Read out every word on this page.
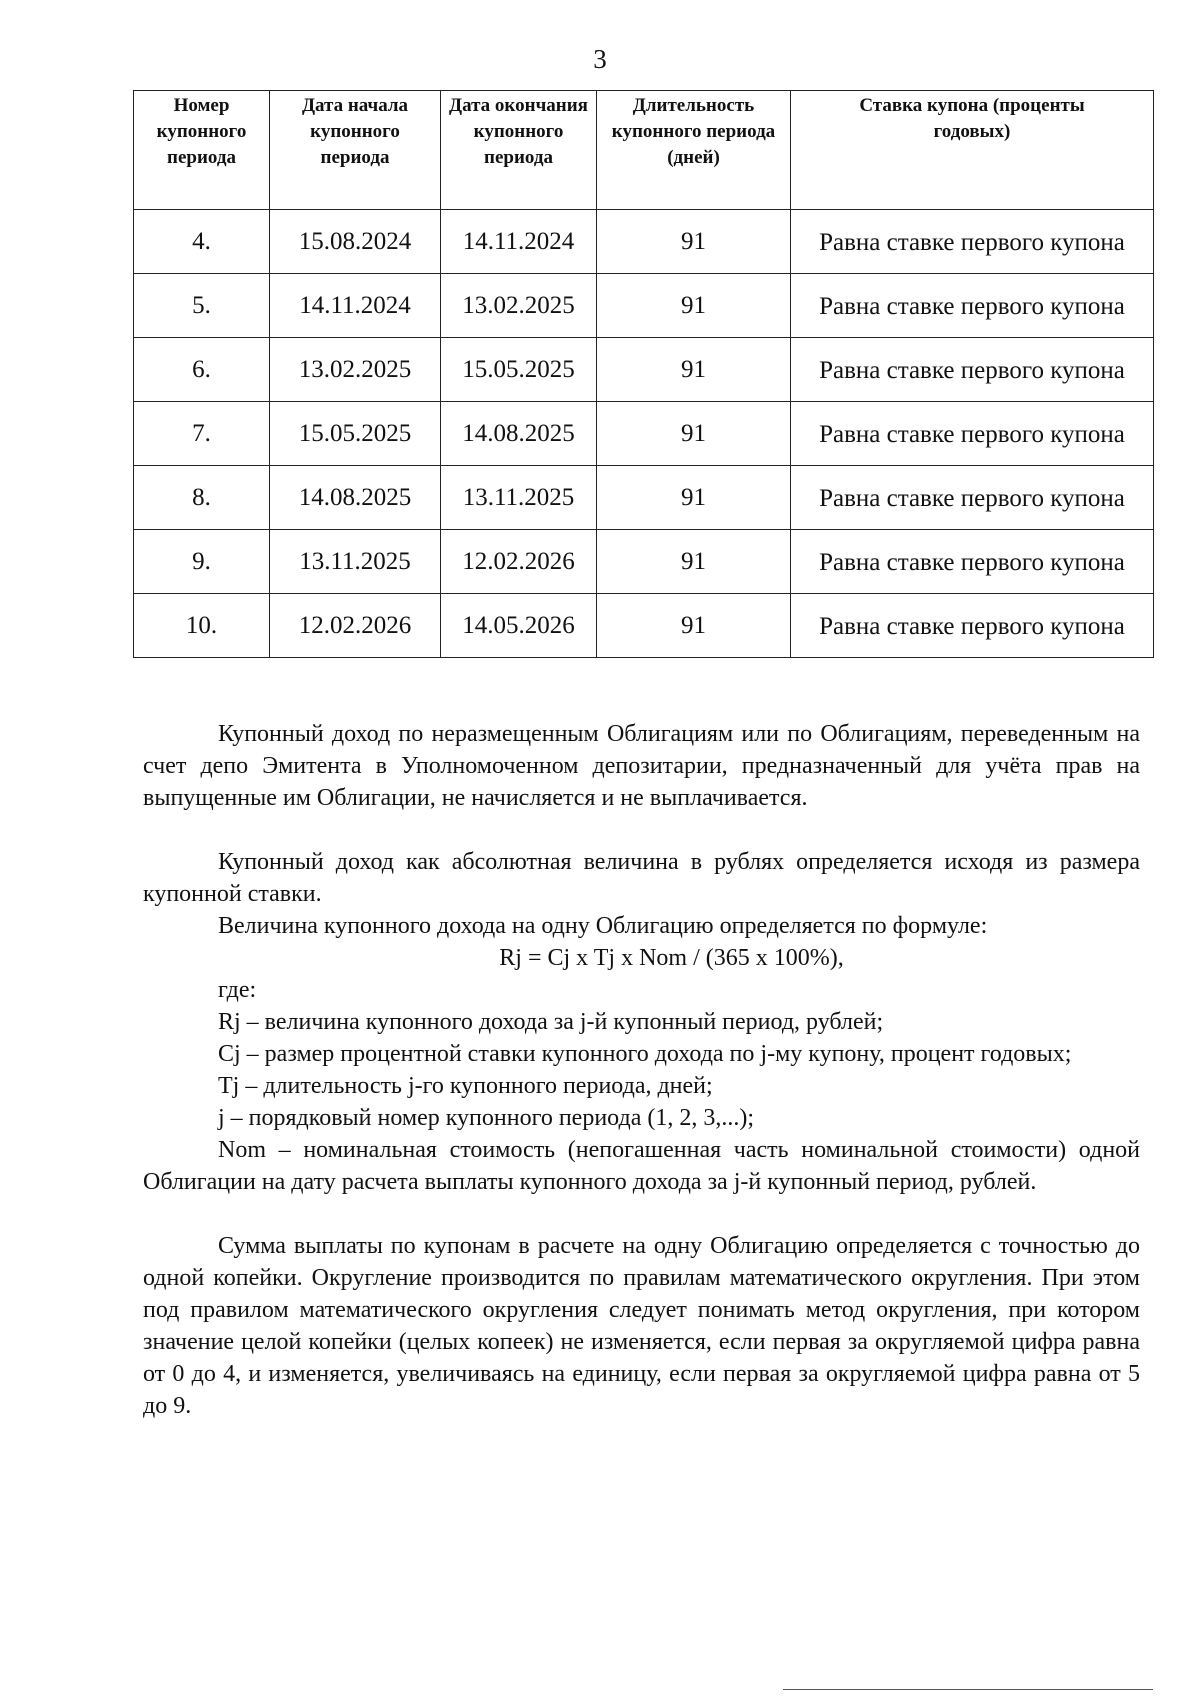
3
Номер купонного периода	Дата начала купонного периода	Дата окончания купонного периода	Длительность купонного периода (дней)	Ставка купона (проценты годовых)
4.	15.08.2024	14.11.2024	91	Равна ставке первого купона
5.	14.11.2024	13.02.2025	91	Равна ставке первого купона
6.	13.02.2025	15.05.2025	91	Равна ставке первого купона
7.	15.05.2025	14.08.2025	91	Равна ставке первого купона
8.	14.08.2025	13.11.2025	91	Равна ставке первого купона
9.	13.11.2025	12.02.2026	91	Равна ставке первого купона
10.	12.02.2026	14.05.2026	91	Равна ставке первого купона

Купонный доход по неразмещенным Облигациям или по Облигациям, переведенным на счет депо Эмитента в Уполномоченном депозитарии, предназначенный для учёта прав на выпущенные им Облигации, не начисляется и не выплачивается.

Купонный доход как абсолютная величина в рублях определяется исходя из размера купонной ставки.

Величина купонного дохода на одну Облигацию определяется по формуле:

Rj = Cj x Tj x Nom / (365 x 100%),

где:

Rj – величина купонного дохода за j-й купонный период, рублей;

Cj – размер процентной ставки купонного дохода по j-му купону, процент годовых;

Tj – длительность j-го купонного периода, дней;

j – порядковый номер купонного периода (1, 2, 3,...);

Nom – номинальная стоимость (непогашенная часть номинальной стоимости) одной Облигации на дату расчета выплаты купонного дохода за j-й купонный период, рублей.

Сумма выплаты по купонам в расчете на одну Облигацию определяется с точностью до одной копейки. Округление производится по правилам математического округления. При этом под правилом математического округления следует понимать метод округления, при котором значение целой копейки (целых копеек) не изменяется, если первая за округляемой цифра равна от 0 до 4, и изменяется, увеличиваясь на единицу, если первая за округляемой цифра равна от 5 до 9.
